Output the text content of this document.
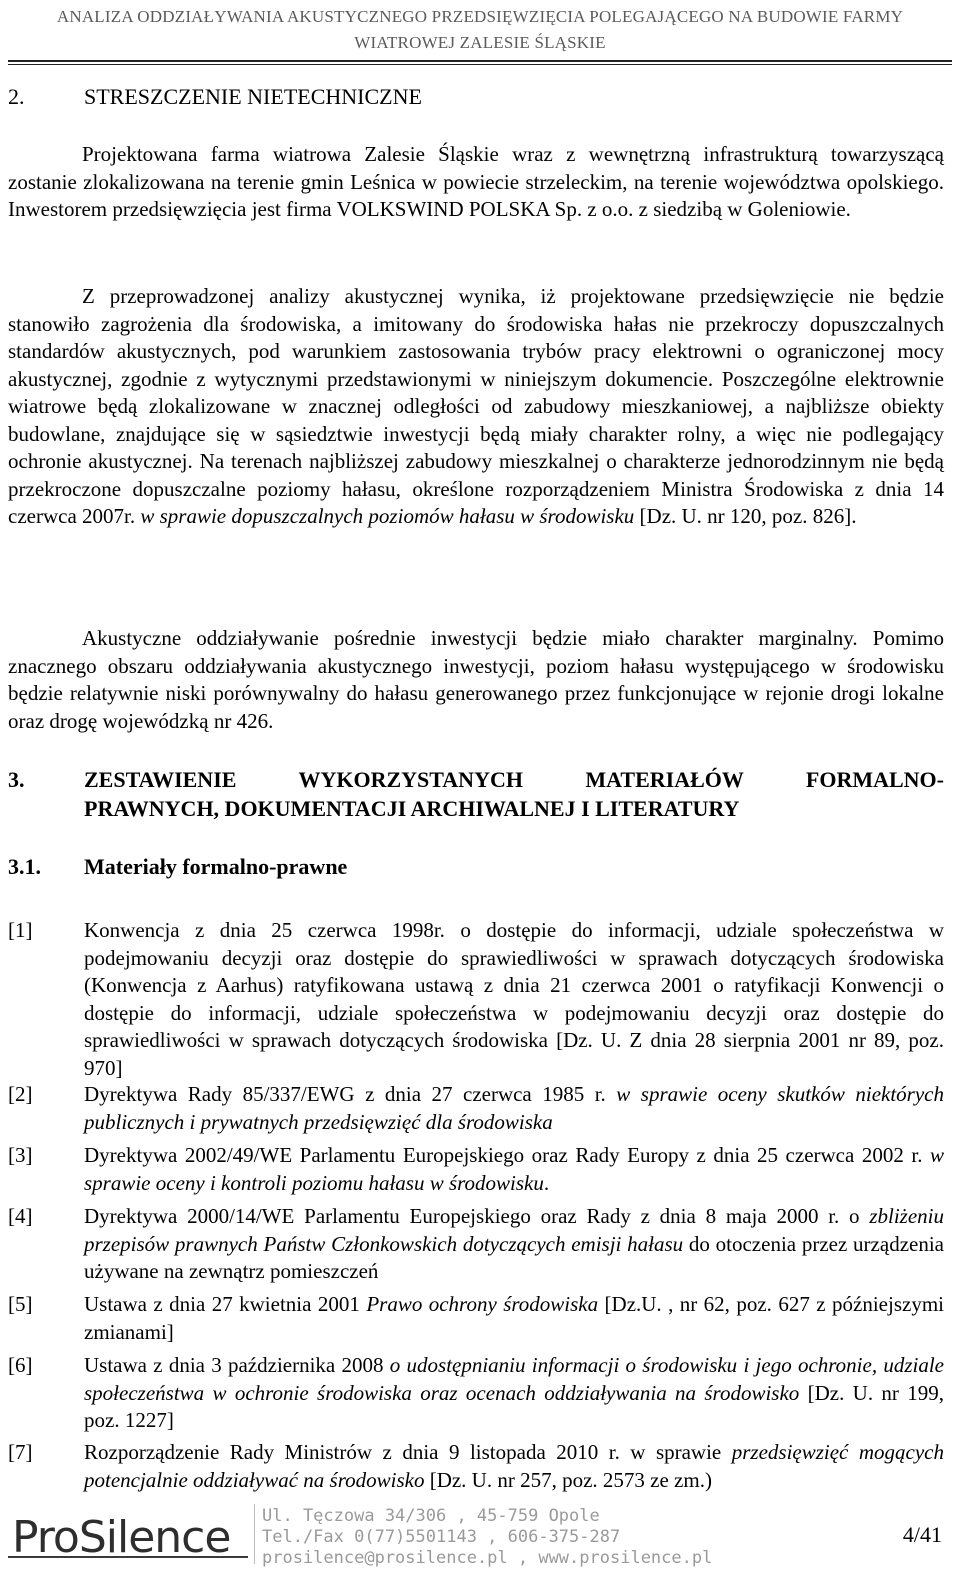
ANALIZA ODDZIAŁYWANIA AKUSTYCZNEGO PRZEDSIĘWZIĘCIA POLEGAJĄCEGO NA BUDOWIE FARMY
WIATROWEJ ZALESIE ŚLĄSKIE
2.	STRESZCZENIE NIETECHNICZNE
Projektowana farma wiatrowa Zalesie Śląskie wraz z wewnętrzną infrastrukturą towarzyszącą zostanie zlokalizowana na terenie gmin Leśnica w powiecie strzeleckim, na terenie województwa opolskiego. Inwestorem przedsięwzięcia jest firma VOLKSWIND POLSKA Sp. z o.o. z siedzibą w Goleniowie.
Z przeprowadzonej analizy akustycznej wynika, iż projektowane przedsięwzięcie nie będzie stanowiło zagrożenia dla środowiska, a imitowany do środowiska hałas nie przekroczy dopuszczalnych standardów akustycznych, pod warunkiem zastosowania trybów pracy elektrowni o ograniczonej mocy akustycznej, zgodnie z wytycznymi przedstawionymi w niniejszym dokumencie. Poszczególne elektrownie wiatrowe będą zlokalizowane w znacznej odległości od zabudowy mieszkaniowej, a najbliższe obiekty budowlane, znajdujące się w sąsiedztwie inwestycji będą miały charakter rolny, a więc nie podlegający ochronie akustycznej. Na terenach najbliższej zabudowy mieszkalnej o charakterze jednorodzinnym nie będą przekroczone dopuszczalne poziomy hałasu, określone rozporządzeniem Ministra Środowiska z dnia 14 czerwca 2007r. w sprawie dopuszczalnych poziomów hałasu w środowisku [Dz. U. nr 120, poz. 826].
Akustyczne oddziaływanie pośrednie inwestycji będzie miało charakter marginalny. Pomimo znacznego obszaru oddziaływania akustycznego inwestycji, poziom hałasu występującego w środowisku będzie relatywnie niski porównywalny do hałasu generowanego przez funkcjonujące w rejonie drogi lokalne oraz drogę wojewódzką nr 426.
3.	ZESTAWIENIE WYKORZYSTANYCH MATERIAŁÓW FORMALNO-
PRAWNYCH, DOKUMENTACJI ARCHIWALNEJ I LITERATURY
3.1. Materiały formalno-prawne
[1] Konwencja z dnia 25 czerwca 1998r. o dostępie do informacji, udziale społeczeństwa w podejmowaniu decyzji oraz dostępie do sprawiedliwości w sprawach dotyczących środowiska (Konwencja z Aarhus) ratyfikowana ustawą z dnia 21 czerwca 2001 o ratyfikacji Konwencji o dostępie do informacji, udziale społeczeństwa w podejmowaniu decyzji oraz dostępie do sprawiedliwości w sprawach dotyczących środowiska [Dz. U. Z dnia 28 sierpnia 2001 nr 89, poz. 970]
[2] Dyrektywa Rady 85/337/EWG z dnia 27 czerwca 1985 r. w sprawie oceny skutków niektórych publicznych i prywatnych przedsięwzięć dla środowiska
[3] Dyrektywa 2002/49/WE Parlamentu Europejskiego oraz Rady Europy z dnia 25 czerwca 2002 r. w sprawie oceny i kontroli poziomu hałasu w środowisku.
[4] Dyrektywa 2000/14/WE Parlamentu Europejskiego oraz Rady z dnia 8 maja 2000 r. o zbliżeniu przepisów prawnych Państw Członkowskich dotyczących emisji hałasu do otoczenia przez urządzenia używane na zewnątrz pomieszczeń
[5] Ustawa z dnia 27 kwietnia 2001 Prawo ochrony środowiska [Dz.U. , nr 62, poz. 627 z późniejszymi zmianami]
[6] Ustawa z dnia 3 października 2008 o udostępnianiu informacji o środowisku i jego ochronie, udziale społeczeństwa w ochronie środowiska oraz ocenach oddziaływania na środowisko [Dz. U. nr 199, poz. 1227]
[7] Rozporządzenie Rady Ministrów z dnia 9 listopada 2010 r. w sprawie przedsięwzięć mogących potencjalnie oddziaływać na środowisko [Dz. U. nr 257, poz. 2573 ze zm.)
ProSilence Ul. Tęczowa 34/306 , 45-759 Opole
Tel./Fax 0(77)5501143 , 606-375-287
prosilence@prosilence.pl , www.prosilence.pl
4/41
